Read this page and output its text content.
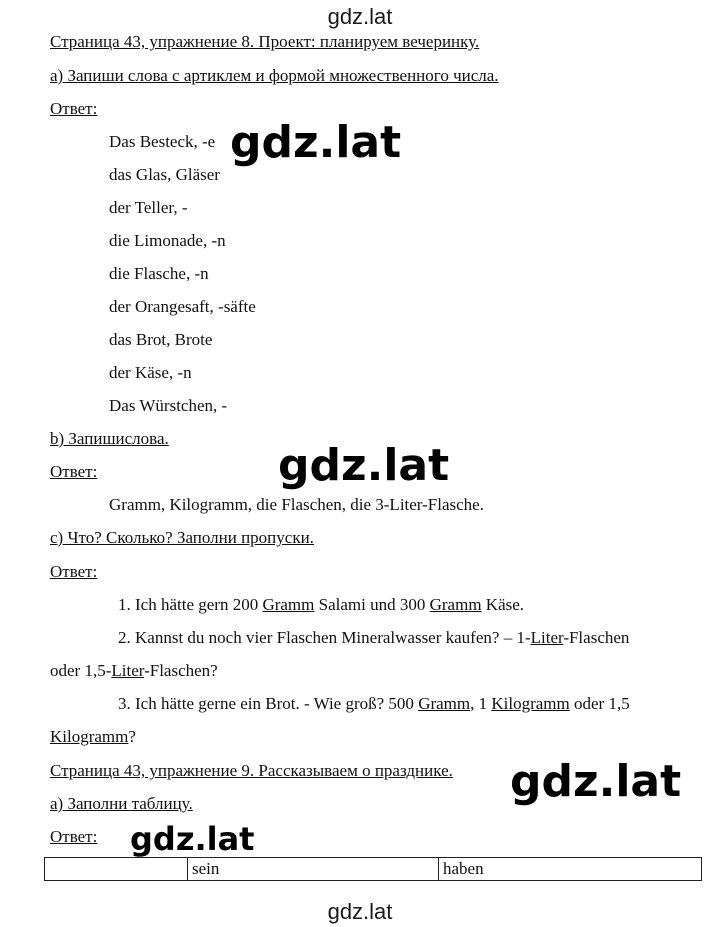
gdz.lat
Страница 43, упражнение 8. Проект: планируем вечеринку.
a) Запиши слова с артиклем и формой множественного числа.
Ответ:
Das Besteck, -e
das Glas, Gläser
der Teller, -
die Limonade, -n
die Flasche, -n
der Orangesaft, -säfte
das Brot, Brote
der Käse, -n
Das Würstchen, -
b) Запишислова.
Ответ:
Gramm, Kilogramm, die Flaschen, die 3-Liter-Flasche.
c) Что? Сколько? Заполни пропуски.
Ответ:
1. Ich hätte gern 200 Gramm Salami und 300 Gramm Käse.
2. Kannst du noch vier Flaschen Mineralwasser kaufen? – 1-Liter-Flaschen
oder 1,5-Liter-Flaschen?
3. Ich hätte gerne ein Brot. - Wie groß? 500 Gramm, 1 Kilogramm oder 1,5
Kilogramm?
Страница 43, упражнение 9. Рассказываем о празднике.
a) Заполни таблицу.
Ответ:
	sein	haben
gdz.lat
gdz.lat
gdz.lat
gdz.lat
gdz.lat
